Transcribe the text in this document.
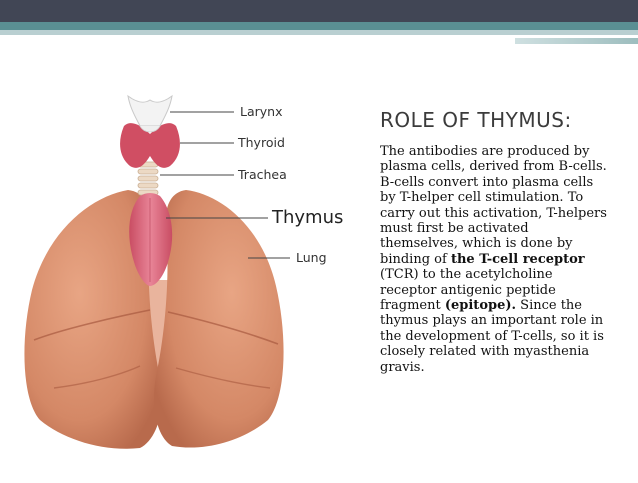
Larynx
Thyroid
Trachea
Thymus
Lung
ROLE OF THYMUS:

The antibodies are produced by plasma cells, derived from B-cells. B-cells convert into plasma cells by T-helper cell stimulation. To carry out this activation, T-helpers must first be activated themselves, which is done by binding of the T-cell receptor (TCR) to the acetylcholine receptor antigenic peptide fragment (epitope). Since the thymus plays an important role in the development of T-cells, so it is closely related with myasthenia gravis.
